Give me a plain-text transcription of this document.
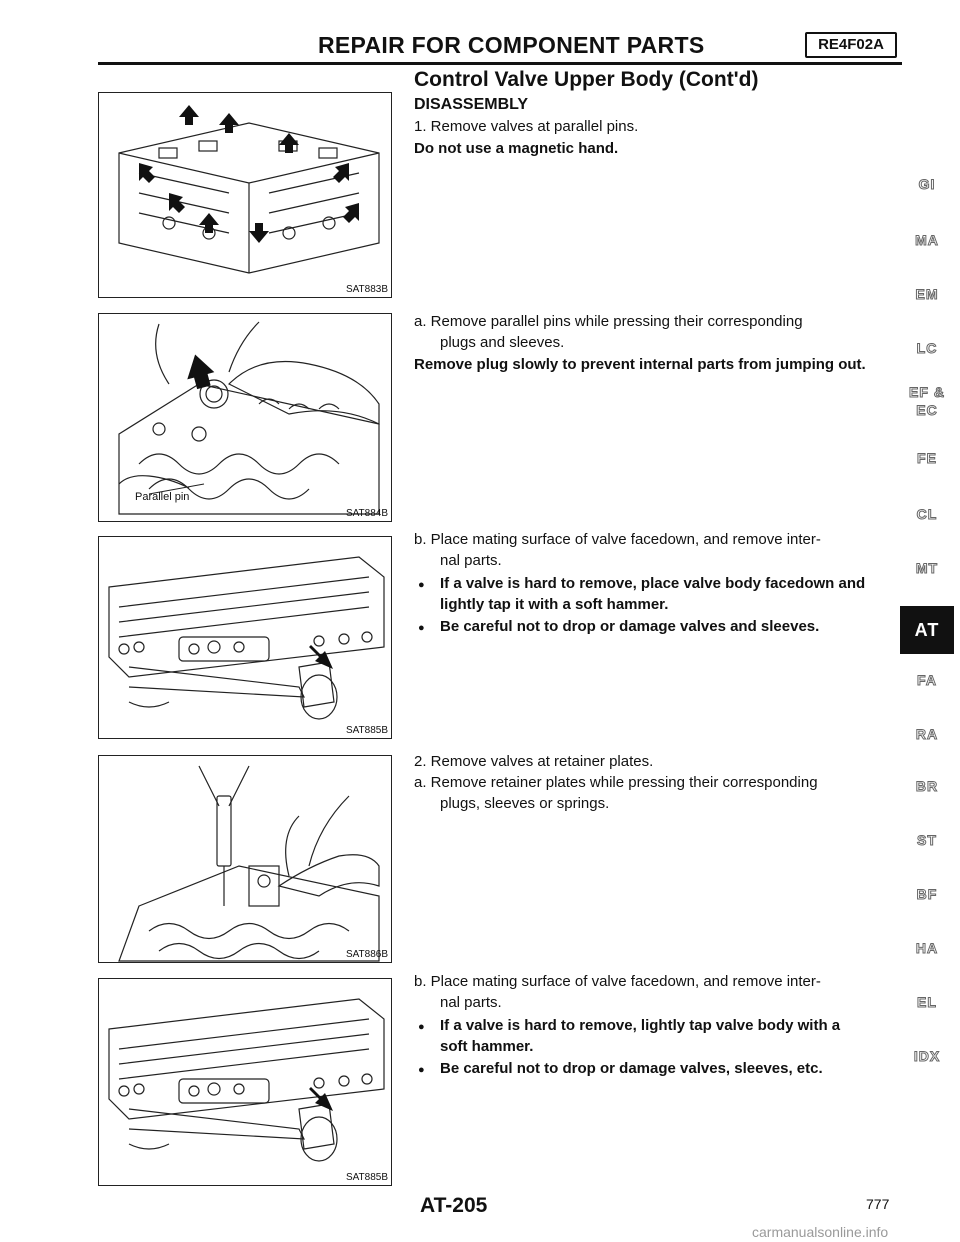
REPAIR FOR COMPONENT PARTS	RE4F02A
Control Valve Upper Body (Cont'd)
DISASSEMBLY
1. Remove valves at parallel pins.
Do not use a magnetic hand.
a. Remove parallel pins while pressing their corresponding
plugs and sleeves.
Remove plug slowly to prevent internal parts from jumping out.
b. Place mating surface of valve facedown, and remove inter-
nal parts.
● If a valve is hard to remove, place valve body facedown and
lightly tap it with a soft hammer.
● Be careful not to drop or damage valves and sleeves.
2. Remove valves at retainer plates.
a. Remove retainer plates while pressing their corresponding
plugs, sleeves or springs.
b. Place mating surface of valve facedown, and remove inter-
nal parts.
● If a valve is hard to remove, lightly tap valve body with a
soft hammer.
● Be careful not to drop or damage valves, sleeves, etc.
SAT883B
Parallel pin
SAT884B
SAT885B
SAT886B
SAT885B
GI
MA
EM
LC
EF &
EC
FE
CL
MT
AT
FA
RA
BR
ST
BF
HA
EL
IDX
AT-205	777
carmanualsonline.info
